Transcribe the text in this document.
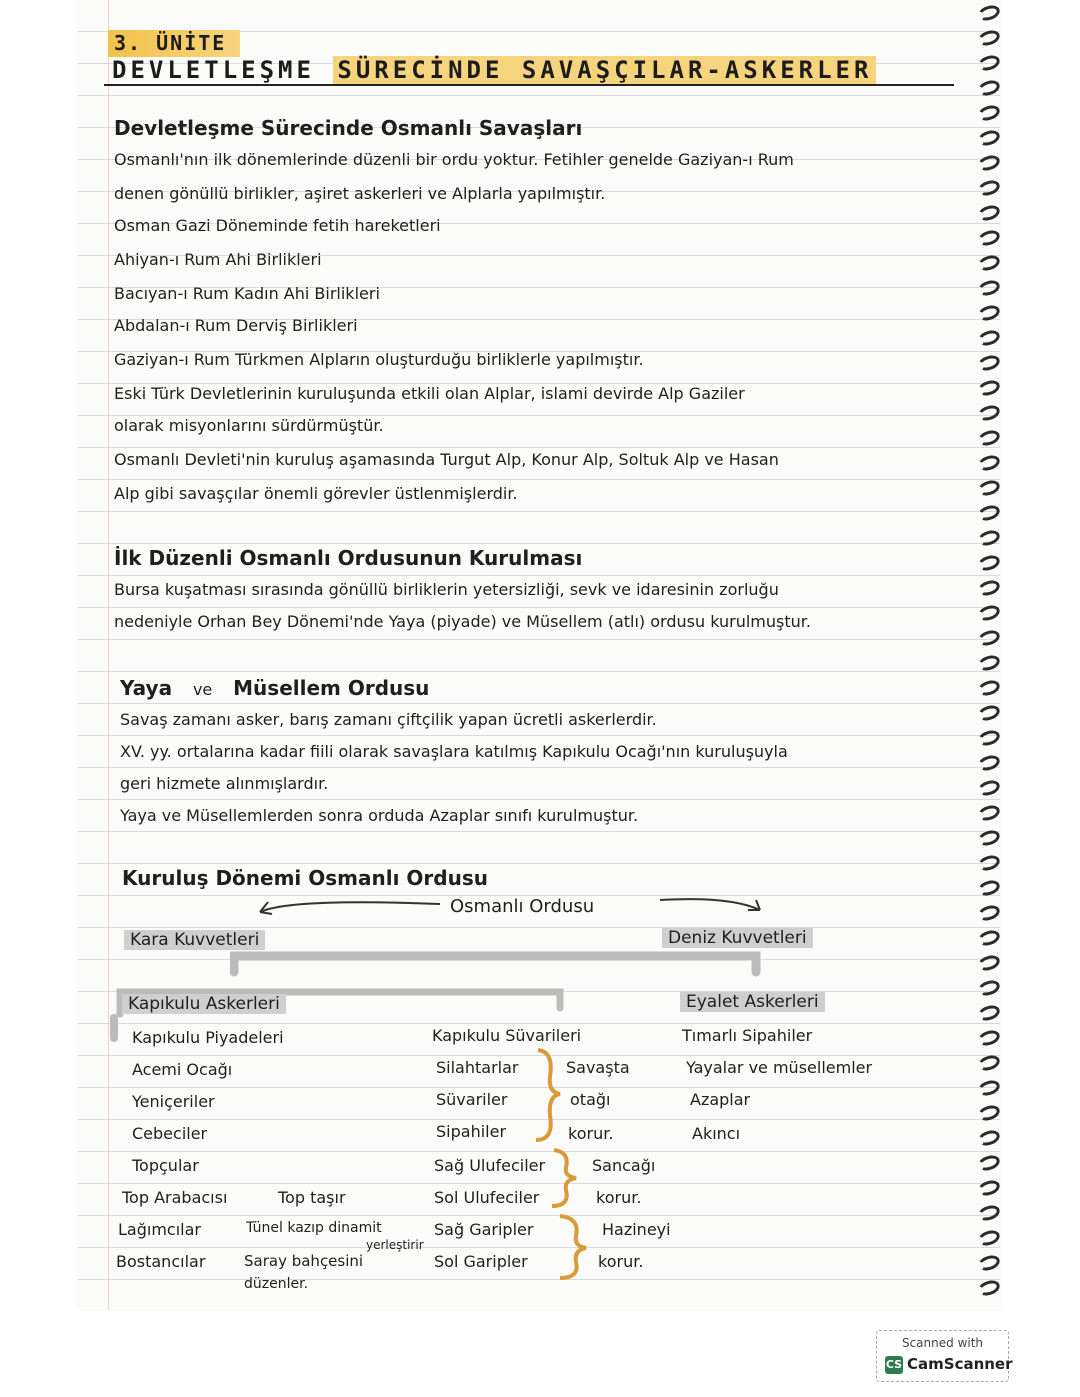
3. ÜNİTE
DEVLETLEŞME SÜRECİNDE SAVAŞÇILAR-ASKERLER
Devletleşme Sürecinde Osmanlı Savaşları
Osmanlı'nın ilk dönemlerinde düzenli bir ordu yoktur. Fetihler genelde Gaziyan-ı Rum
denen gönüllü birlikler, aşiret askerleri ve Alplarla yapılmıştır.
Osman Gazi Döneminde fetih hareketleri
Ahiyan-ı Rum Ahi Birlikleri
Bacıyan-ı Rum Kadın Ahi Birlikleri
Abdalan-ı Rum Derviş Birlikleri
Gaziyan-ı Rum Türkmen Alpların oluşturduğu birliklerle yapılmıştır.
Eski Türk Devletlerinin kuruluşunda etkili olan Alplar, islami devirde Alp Gaziler
olarak misyonlarını sürdürmüştür.
Osmanlı Devleti'nin kuruluş aşamasında Turgut Alp, Konur Alp, Soltuk Alp ve Hasan
Alp gibi savaşçılar önemli görevler üstlenmişlerdir.
İlk Düzenli Osmanlı Ordusunun Kurulması
Bursa kuşatması sırasında gönüllü birliklerin yetersizliği, sevk ve idaresinin zorluğu
nedeniyle Orhan Bey Dönemi'nde Yaya (piyade) ve Müsellem (atlı) ordusu kurulmuştur.
Yaya ve Müsellem Ordusu
Savaş zamanı asker, barış zamanı çiftçilik yapan ücretli askerlerdir.
XV. yy. ortalarına kadar fiili olarak savaşlara katılmış Kapıkulu Ocağı'nın kuruluşuyla
geri hizmete alınmışlardır.
Yaya ve Müsellemlerden sonra orduda Azaplar sınıfı kurulmuştur.
Kuruluş Dönemi Osmanlı Ordusu
Osmanlı Ordusu
Kara Kuvvetleri	Deniz Kuvvetleri
Kapıkulu Askerleri	Eyalet Askerleri
Kapıkulu Piyadeleri
Acemi Ocağı
Yeniçeriler
Cebeciler
Topçular
Top Arabacısı	Top taşır
Lağımcılar	Tünel kazıp dinamit
yerleştirir
Bostancılar	Saray bahçesini
düzenler.
Kapıkulu Süvarileri
Silahtarlar
Süvariler
Sipahiler
Sağ Ulufeciler
Sol Ulufeciler
Sağ Garipler
Sol Garipler
Savaşta
otağı
korur.
Sancağı
korur.
Hazineyi
korur.
Tımarlı Sipahiler
Yayalar ve müsellemler
Azaplar
Akıncı
Scanned with
CS CamScanner
